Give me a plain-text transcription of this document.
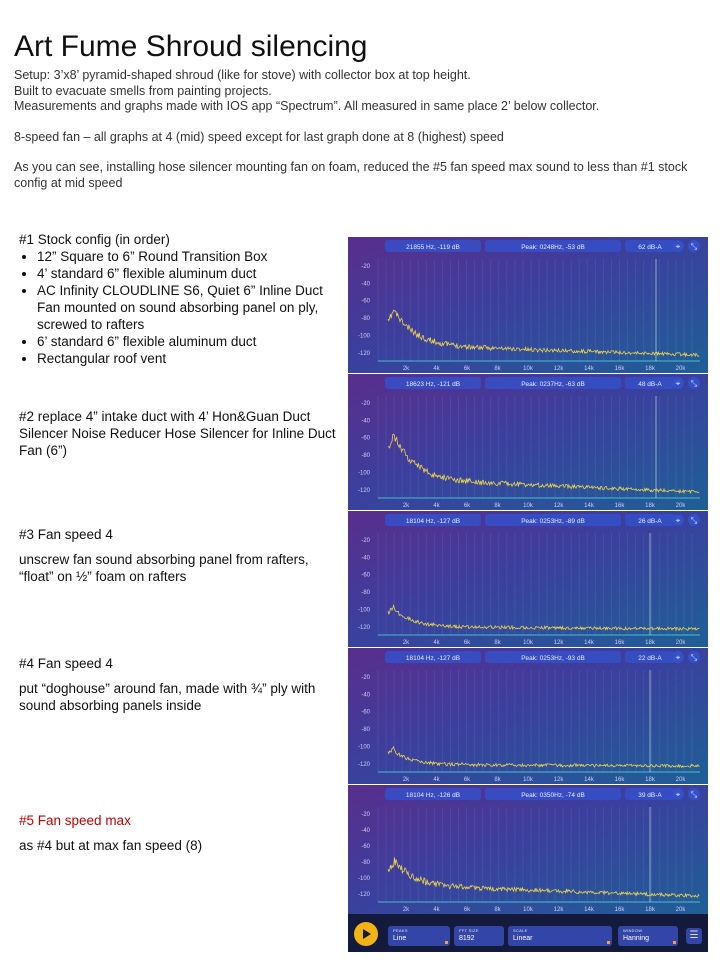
Art Fume Shroud silencing

Setup: 3’x8’ pyramid-shaped shroud (like for stove) with collector box at top height.

Built to evacuate smells from painting projects.

Measurements and graphs made with IOS app “Spectrum”. All measured in same place 2’ below collector.

8-speed fan – all graphs at 4 (mid) speed except for last graph done at 8 (highest) speed

As you can see, installing hose silencer mounting fan on foam, reduced the #5 fan speed max sound to less than #1 stock config at mid speed

#1 Stock config (in order)

• 12” Square to 6” Round Transition Box
• 4’ standard 6” flexible aluminum duct
• AC Infinity CLOUDLINE S6, Quiet 6” Inline Duct Fan mounted on sound absorbing panel on ply, screwed to rafters
• 6’ standard 6” flexible aluminum duct
• Rectangular roof vent

#2 replace 4” intake duct with 4’ Hon&Guan Duct Silencer Noise Reducer Hose Silencer for Inline Duct Fan (6”)

#3 Fan speed 4

unscrew fan sound absorbing panel from rafters, “float” on ½” foam on rafters

#4 Fan speed 4

put “doghouse” around fan, made with ¾” ply with sound absorbing panels inside

#5 Fan speed max

as #4 but at max fan speed (8)

21855 Hz, -119 dB	Peak: 0248Hz, -53 dB	62 dB-A ⌖ ⤡
-20
-40
-60
-80
-100
-120
2k	4k	6k	8k	10k	12k	14k	16k	18k	20k
18623 Hz, -121 dB	Peak: 0237Hz, -63 dB	48 dB-A ⌖ ⤡
-20
-40
-60
-80
-100
-120
2k	4k	6k	8k	10k	12k	14k	16k	18k	20k
18104 Hz, -127 dB	Peak: 0253Hz, -89 dB	26 dB-A ⌖ ⤡
-20
-40
-60
-80
-100
-120
2k	4k	6k	8k	10k	12k	14k	16k	18k	20k
18104 Hz, -127 dB	Peak: 0253Hz, -93 dB	22 dB-A ⌖ ⤡
-20
-40
-60
-80
-100
-120
2k	4k	6k	8k	10k	12k	14k	16k	18k	20k
18104 Hz, -126 dB	Peak: 0350Hz, -74 dB	39 dB-A ⌖ ⤡
-20
-40
-60
-80
-100
-120
2k	4k	6k	8k	10k	12k	14k	16k	18k	20k
PEAKS
Line
FFT SIZE
8192
SCALE
Linear
WINDOW
Hanning	☰
